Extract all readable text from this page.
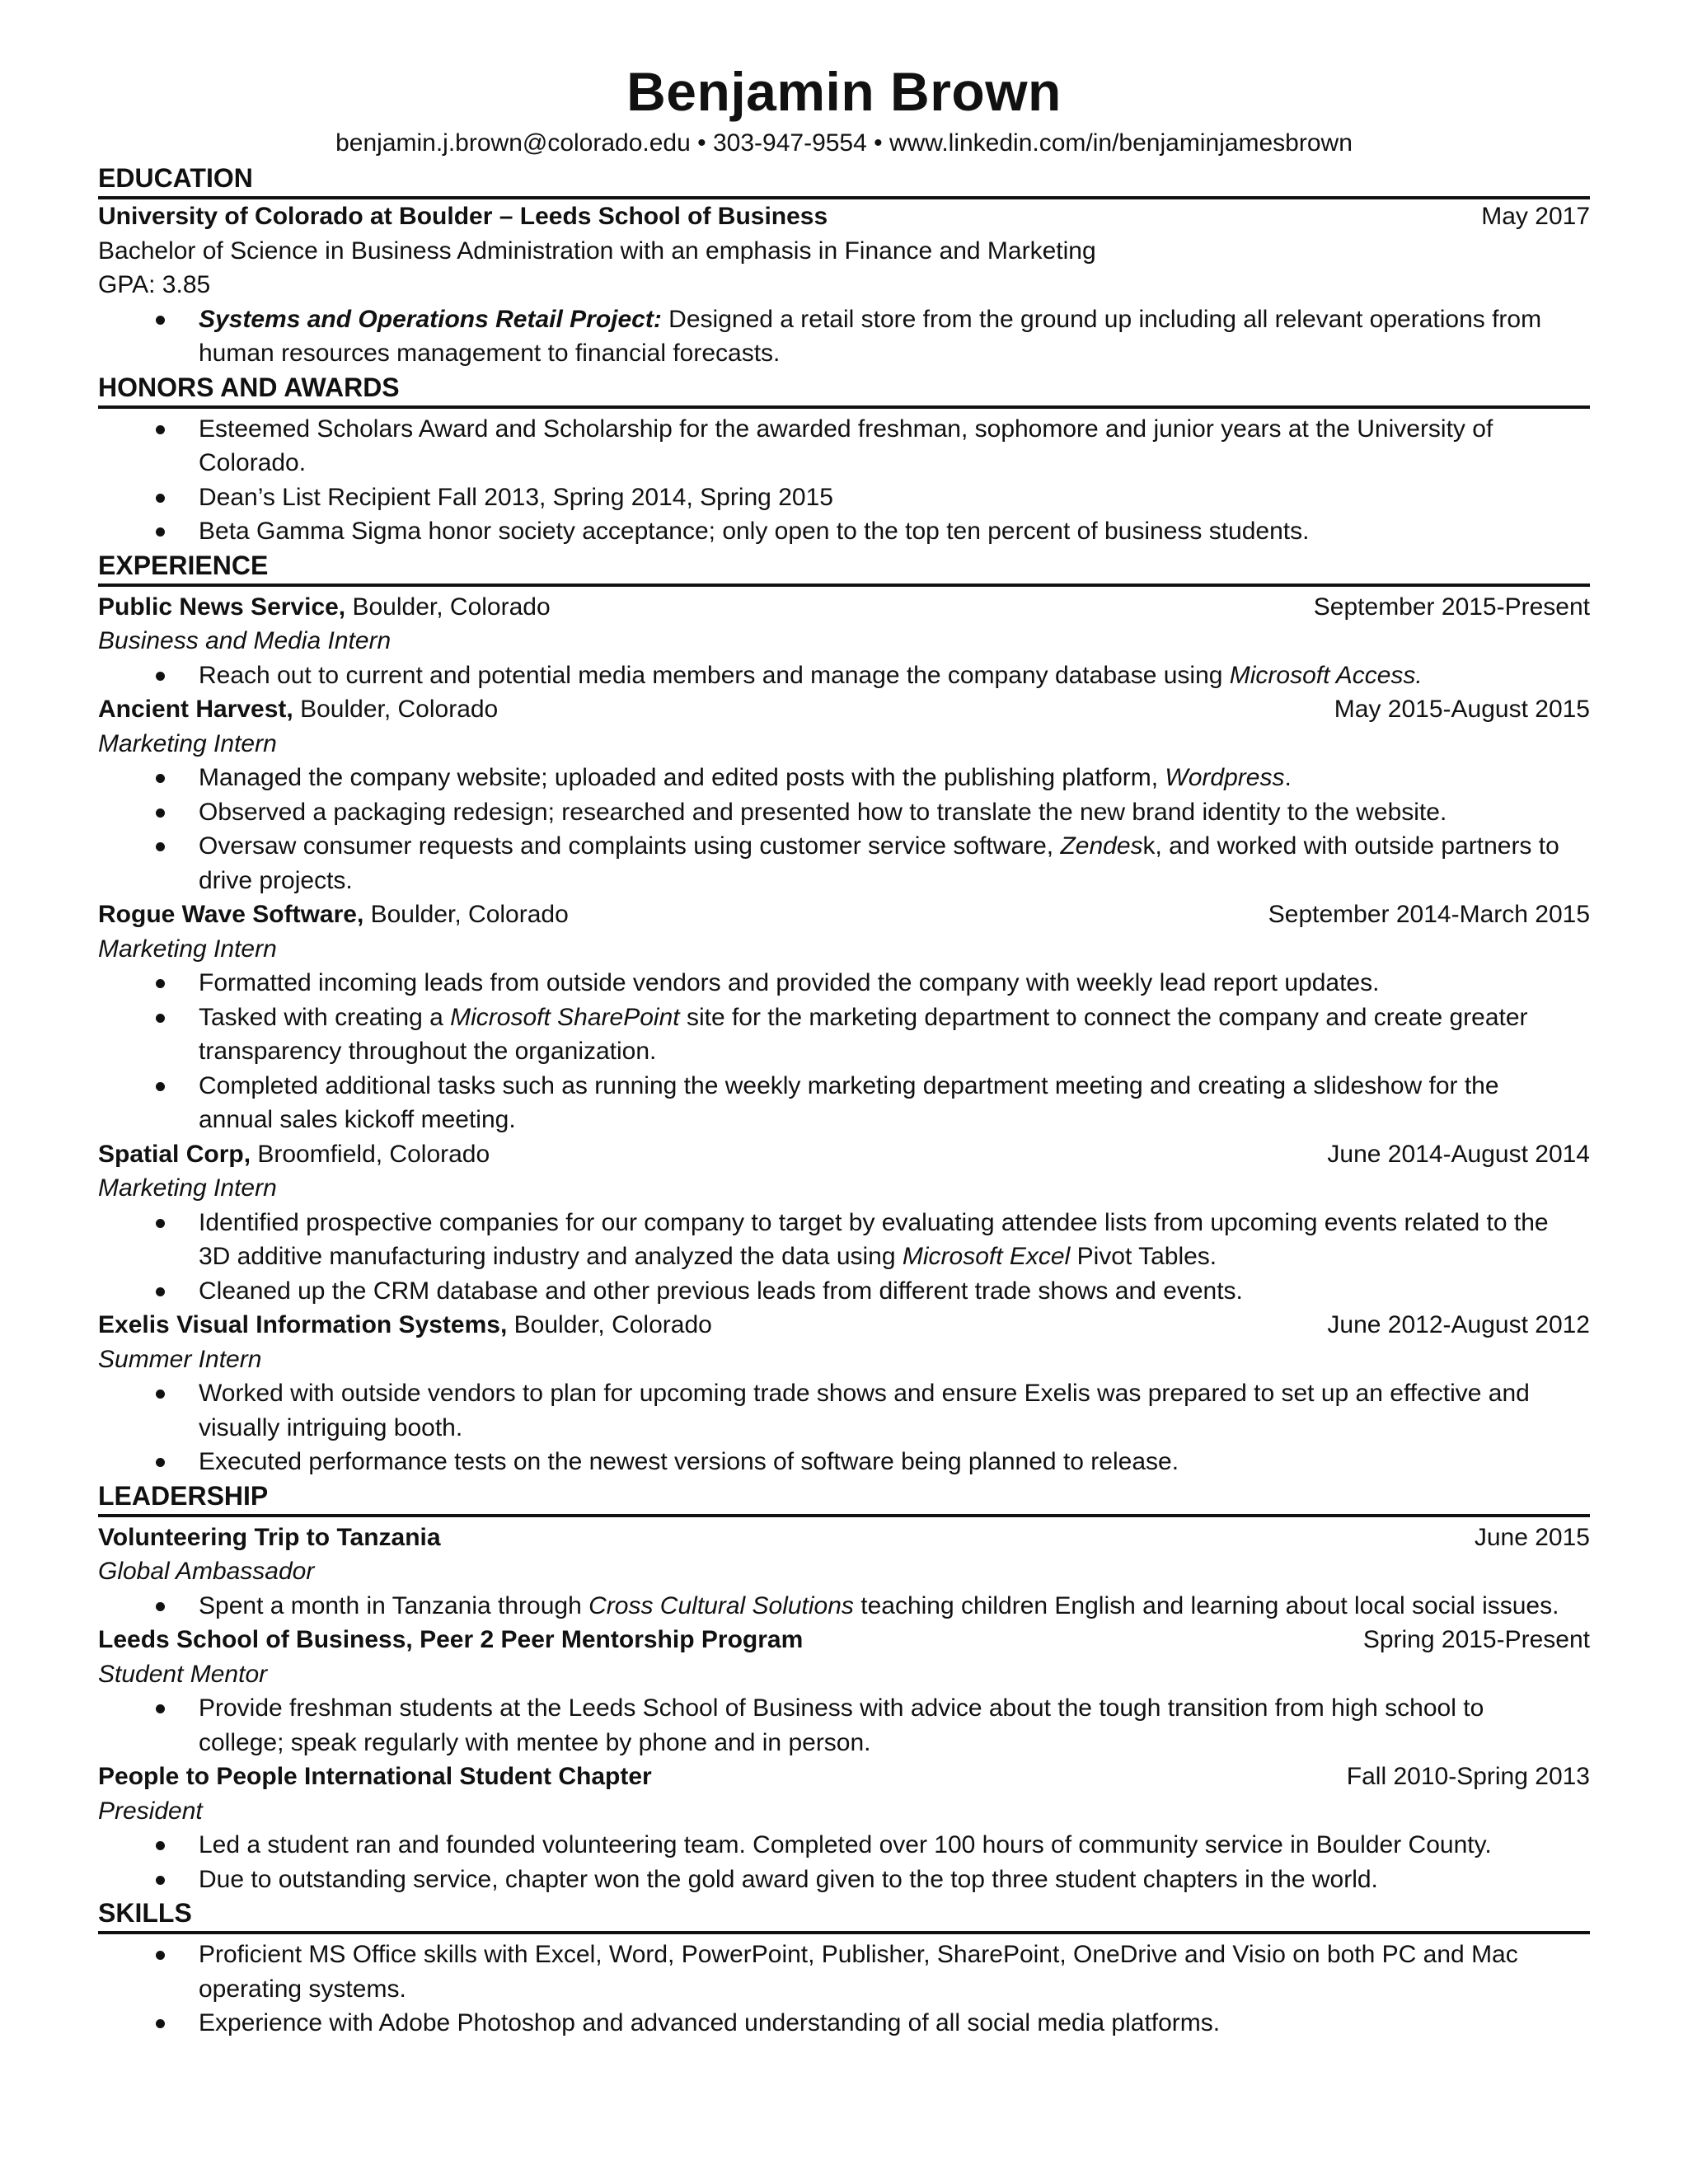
Benjamin Brown
benjamin.j.brown@colorado.edu • 303-947-9554 • www.linkedin.com/in/benjaminjamesbrown
EDUCATION
University of Colorado at Boulder – Leeds School of Business	May 2017
Bachelor of Science in Business Administration with an emphasis in Finance and Marketing
GPA: 3.85
Systems and Operations Retail Project: Designed a retail store from the ground up including all relevant operations from human resources management to financial forecasts.
HONORS AND AWARDS
Esteemed Scholars Award and Scholarship for the awarded freshman, sophomore and junior years at the University of Colorado.
Dean’s List Recipient Fall 2013, Spring 2014, Spring 2015
Beta Gamma Sigma honor society acceptance; only open to the top ten percent of business students.
EXPERIENCE
Public News Service, Boulder, Colorado	September 2015-Present
Business and Media Intern
Reach out to current and potential media members and manage the company database using Microsoft Access.
Ancient Harvest, Boulder, Colorado	May 2015-August 2015
Marketing Intern
Managed the company website; uploaded and edited posts with the publishing platform, Wordpress.
Observed a packaging redesign; researched and presented how to translate the new brand identity to the website.
Oversaw consumer requests and complaints using customer service software, Zendesk, and worked with outside partners to drive projects.
Rogue Wave Software, Boulder, Colorado	September 2014-March 2015
Marketing Intern
Formatted incoming leads from outside vendors and provided the company with weekly lead report updates.
Tasked with creating a Microsoft SharePoint site for the marketing department to connect the company and create greater transparency throughout the organization.
Completed additional tasks such as running the weekly marketing department meeting and creating a slideshow for the annual sales kickoff meeting.
Spatial Corp, Broomfield, Colorado	June 2014-August 2014
Marketing Intern
Identified prospective companies for our company to target by evaluating attendee lists from upcoming events related to the 3D additive manufacturing industry and analyzed the data using Microsoft Excel Pivot Tables.
Cleaned up the CRM database and other previous leads from different trade shows and events.
Exelis Visual Information Systems, Boulder, Colorado	June 2012-August 2012
Summer Intern
Worked with outside vendors to plan for upcoming trade shows and ensure Exelis was prepared to set up an effective and visually intriguing booth.
Executed performance tests on the newest versions of software being planned to release.
LEADERSHIP
Volunteering Trip to Tanzania	June 2015
Global Ambassador
Spent a month in Tanzania through Cross Cultural Solutions teaching children English and learning about local social issues.
Leeds School of Business, Peer 2 Peer Mentorship Program	Spring 2015-Present
Student Mentor
Provide freshman students at the Leeds School of Business with advice about the tough transition from high school to college; speak regularly with mentee by phone and in person.
People to People International Student Chapter	Fall 2010-Spring 2013
President
Led a student ran and founded volunteering team. Completed over 100 hours of community service in Boulder County.
Due to outstanding service, chapter won the gold award given to the top three student chapters in the world.
SKILLS
Proficient MS Office skills with Excel, Word, PowerPoint, Publisher, SharePoint, OneDrive and Visio on both PC and Mac operating systems.
Experience with Adobe Photoshop and advanced understanding of all social media platforms.
